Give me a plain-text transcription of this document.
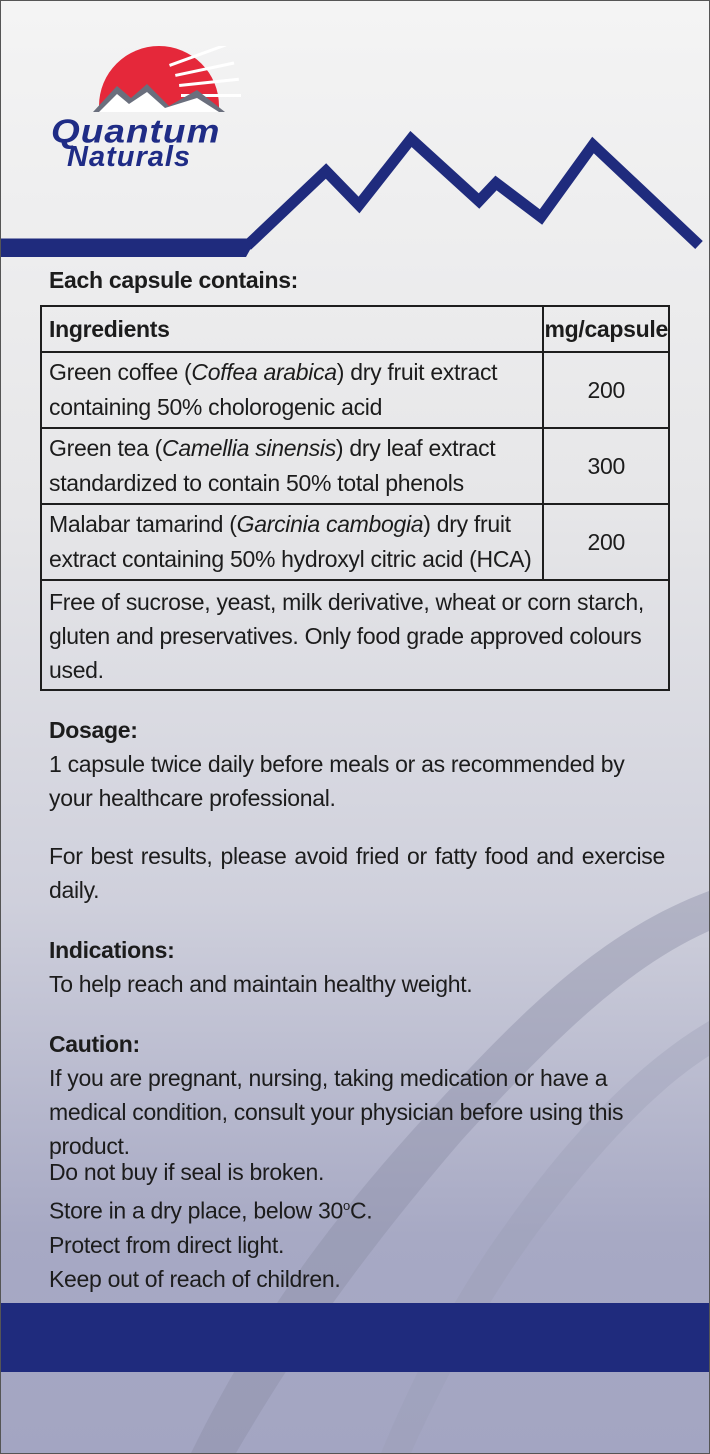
Quantum
Naturals
Each capsule contains:
Ingredients	mg/capsule
Green coffee (Coffea arabica) dry fruit extract containing 50% cholorogenic acid	200
Green tea (Camellia sinensis) dry leaf extract standardized to contain 50% total phenols	300
Malabar tamarind (Garcinia cambogia) dry fruit extract containing 50% hydroxyl citric acid (HCA)	200
Free of sucrose, yeast, milk derivative, wheat or corn starch, gluten and preservatives. Only food grade approved colours used.	
Dosage:
1 capsule twice daily before meals or as recommended by your healthcare professional.
For best results, please avoid fried or fatty food and exercise daily.
Indications:
To help reach and maintain healthy weight.
Caution:
If you are pregnant, nursing, taking medication or have a medical condition, consult your physician before using this product.
Do not buy if seal is broken.
Store in a dry place, below 30$^o$C.
Protect from direct light.
Keep out of reach of children.
